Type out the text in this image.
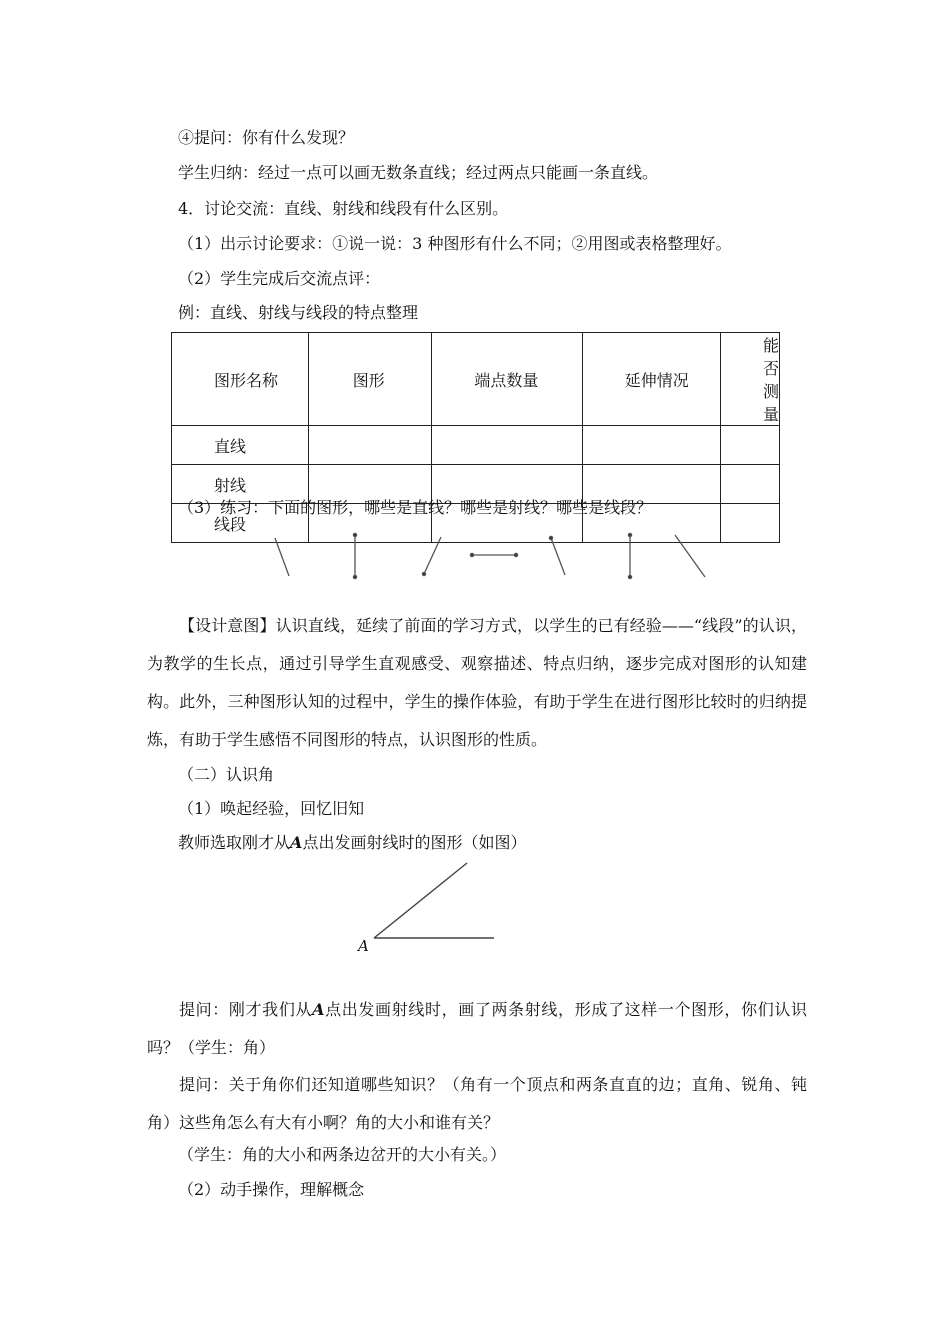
④提问：你有什么发现？
学生归纳：经过一点可以画无数条直线；经过两点只能画一条直线。
4．讨论交流：直线、射线和线段有什么区别。
（1）出示讨论要求：①说一说：3 种图形有什么不同；②用图或表格整理好。
（2）学生完成后交流点评：
例：直线、射线与线段的特点整理
图形名称	图形	端点数量	延伸情况	能否测量
直线				
射线				
线段				
（3）练习：下面的图形，哪些是直线？哪些是射线？哪些是线段？
【设计意图】认识直线，延续了前面的学习方式，以学生的已有经验——“线段”的认识，为教学的生长点，通过引导学生直观感受、观察描述、特点归纳，逐步完成对图形的认知建构。此外，三种图形认知的过程中，学生的操作体验，有助于学生在进行图形比较时的归纳提炼，有助于学生感悟不同图形的特点，认识图形的性质。
（二）认识角
（1）唤起经验，回忆旧知
教师选取刚才从A点出发画射线时的图形（如图）
A
提问：刚才我们从A点出发画射线时，画了两条射线，形成了这样一个图形，你们认识吗？（学生：角）
提问：关于角你们还知道哪些知识？（角有一个顶点和两条直直的边；直角、锐角、钝角）这些角怎么有大有小啊？角的大小和谁有关？
（学生：角的大小和两条边岔开的大小有关。）
（2）动手操作，理解概念
